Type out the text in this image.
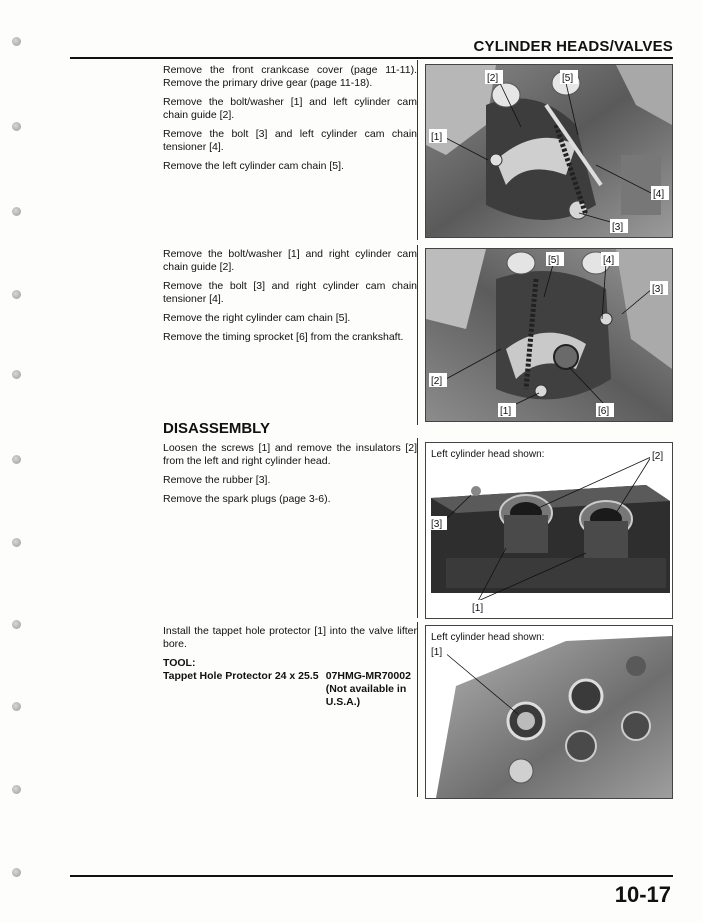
CYLINDER HEADS/VALVES

Remove the front crankcase cover (page 11-11). Remove the primary drive gear (page 11-18).

Remove the bolt/washer [1] and left cylinder cam chain guide [2].

Remove the bolt [3] and left cylinder cam chain tensioner [4].

Remove the left cylinder cam chain [5].

[2]	[5]
[1]
[4]
[3]

Remove the bolt/washer [1] and right cylinder cam chain guide [2].

Remove the bolt [3] and right cylinder cam chain tensioner [4].

Remove the right cylinder cam chain [5].

Remove the timing sprocket [6] from the crankshaft.

[5]	[4]
[3]
[2]
[1]	[6]
DISASSEMBLY

Loosen the screws [1] and remove the insulators [2] from the left and right cylinder head.

Remove the rubber [3].

Remove the spark plugs (page 3-6).

Left cylinder head shown:	[2]
[3]
[1]

Install the tappet hole protector [1] into the valve lifter bore.

TOOL:
Tappet Hole Protector 24 x 25.5 07HMG-MR70002
(Not available in U.S.A.)
Left cylinder head shown:
[1]
10-17
